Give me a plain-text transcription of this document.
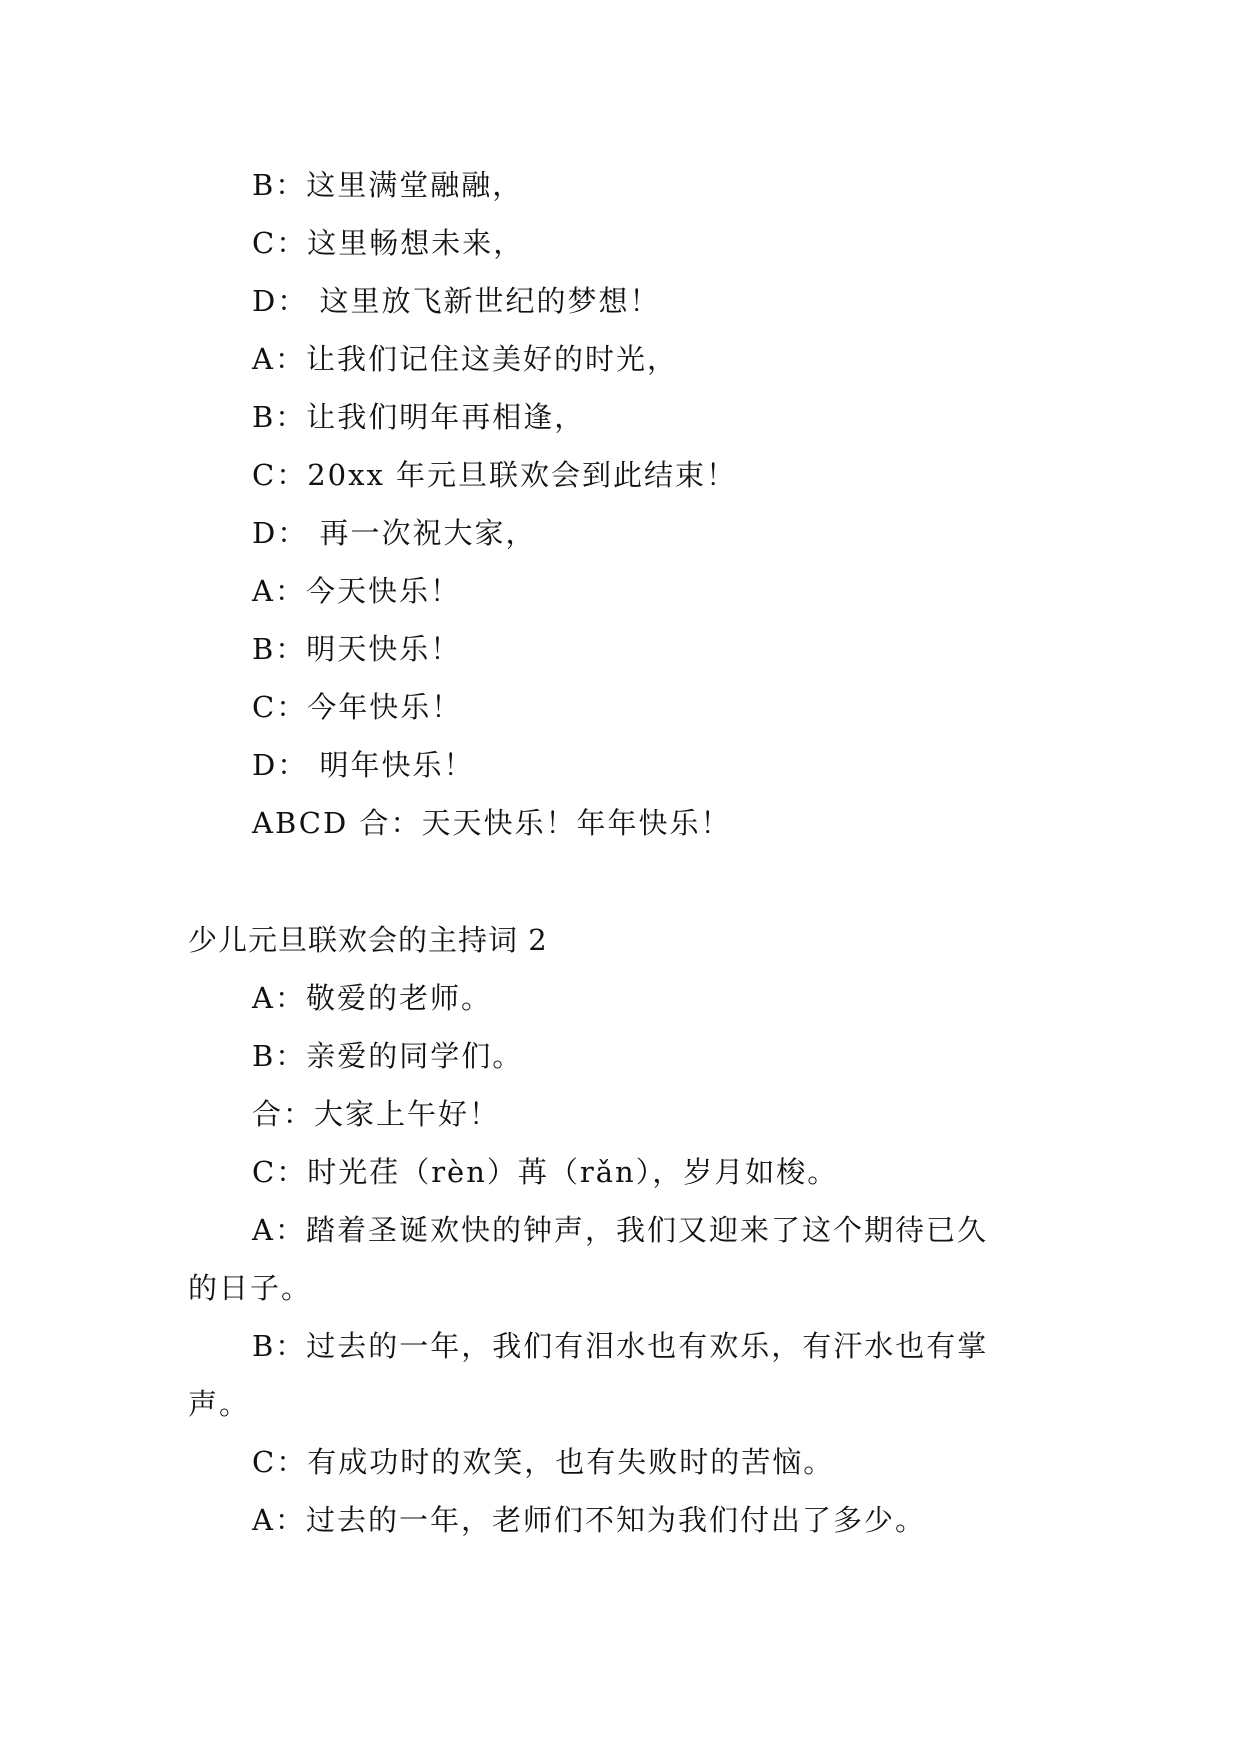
B：这里满堂融融，
C：这里畅想未来，
D： 这里放飞新世纪的梦想！
A：让我们记住这美好的时光，
B：让我们明年再相逢，
C：20xx 年元旦联欢会到此结束！
D： 再一次祝大家，
A：今天快乐！
B：明天快乐！
C：今年快乐！
D： 明年快乐！
ABCD 合：天天快乐！年年快乐！
少儿元旦联欢会的主持词 2
A：敬爱的老师。
B：亲爱的同学们。
合：大家上午好！
C：时光荏（rèn）苒（rǎn），岁月如梭。
A：踏着圣诞欢快的钟声，我们又迎来了这个期待已久
的日子。
B：过去的一年，我们有泪水也有欢乐，有汗水也有掌
声。
C：有成功时的欢笑，也有失败时的苦恼。
A：过去的一年，老师们不知为我们付出了多少。
